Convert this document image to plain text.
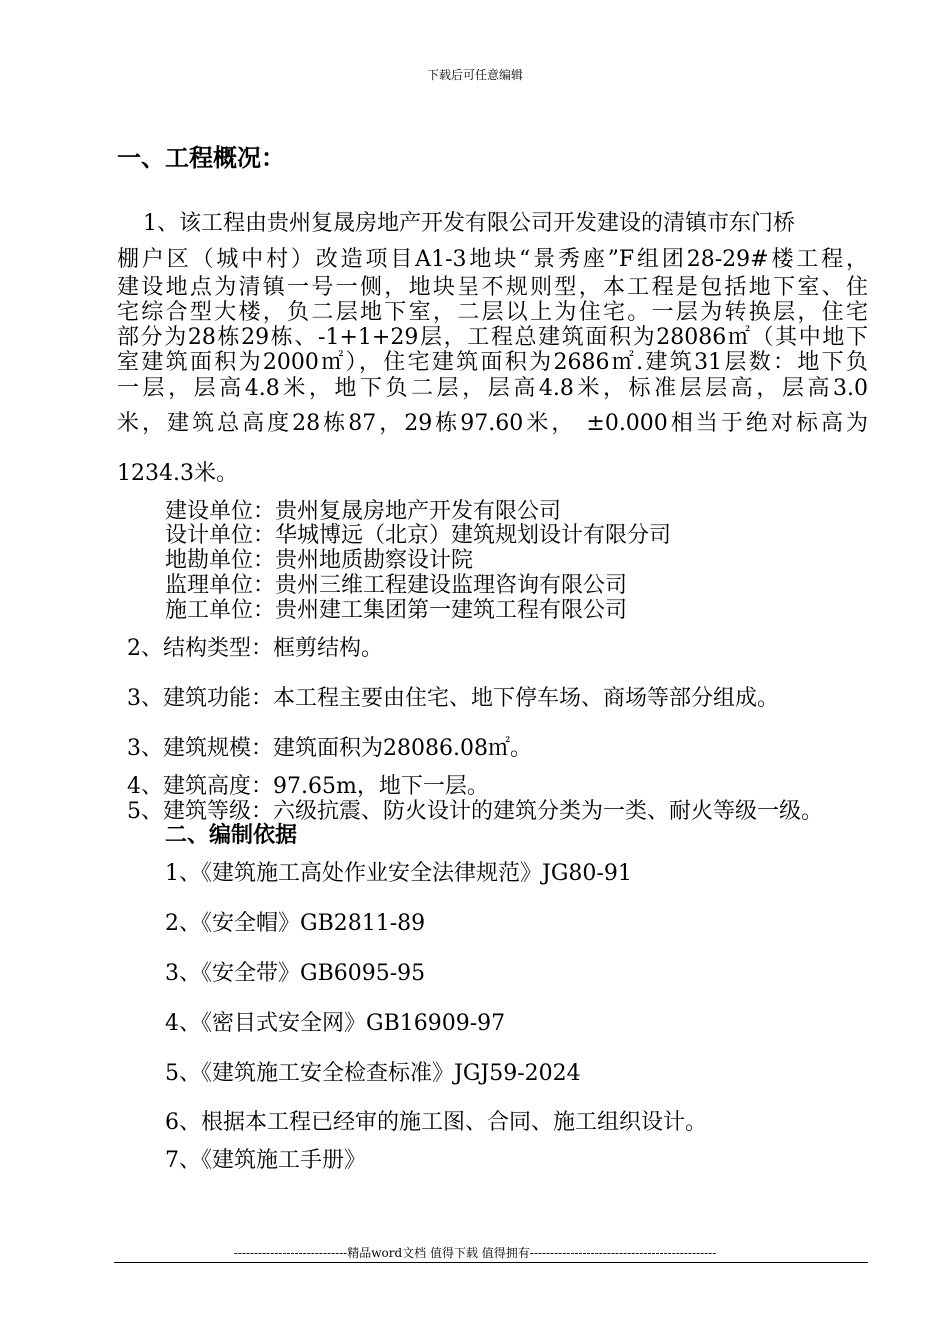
下载后可任意编辑
一、工程概况：
1、该工程由贵州复晟房地产开发有限公司开发建设的清镇市东门桥
棚户区（城中村）改造项目A1-3地块“景秀座”F组团28-29#楼工程，
建设地点为清镇一号一侧，地块呈不规则型，本工程是包括地下室、住
宅综合型大楼，负二层地下室，二层以上为住宅。一层为转换层，住宅
部分为28栋29栋、-1+1+29层，工程总建筑面积为28086㎡（其中地下
室建筑面积为2000㎡），住宅建筑面积为2686㎡.建筑31层数：地下负
一层，层高4.8米，地下负二层，层高4.8米，标准层层高，层高3.0
米，建筑总高度28栋87，29栋97.60米， ±0.000相当于绝对标高为
1234.3米。
建设单位：贵州复晟房地产开发有限公司
设计单位：华城博远（北京）建筑规划设计有限分司
地勘单位：贵州地质勘察设计院
监理单位：贵州三维工程建设监理咨询有限公司
施工单位：贵州建工集团第一建筑工程有限公司
2、结构类型：框剪结构。
3、建筑功能：本工程主要由住宅、地下停车场、商场等部分组成。
3、建筑规模：建筑面积为28086.08㎡。
4、建筑高度：97.65m，地下一层。
5、建筑等级：六级抗震、防火设计的建筑分类为一类、耐火等级一级。
二、编制依据
1、《建筑施工高处作业安全法律规范》JG80-91
2、《安全帽》GB2811-89
3、《安全带》GB6095-95
4、《密目式安全网》GB16909-97
5、《建筑施工安全检查标准》JGJ59-2024
6、根据本工程已经审的施工图、合同、施工组织设计。
7、《建筑施工手册》
----------------------------精品word文档 值得下载 值得拥有----------------------------------------------
